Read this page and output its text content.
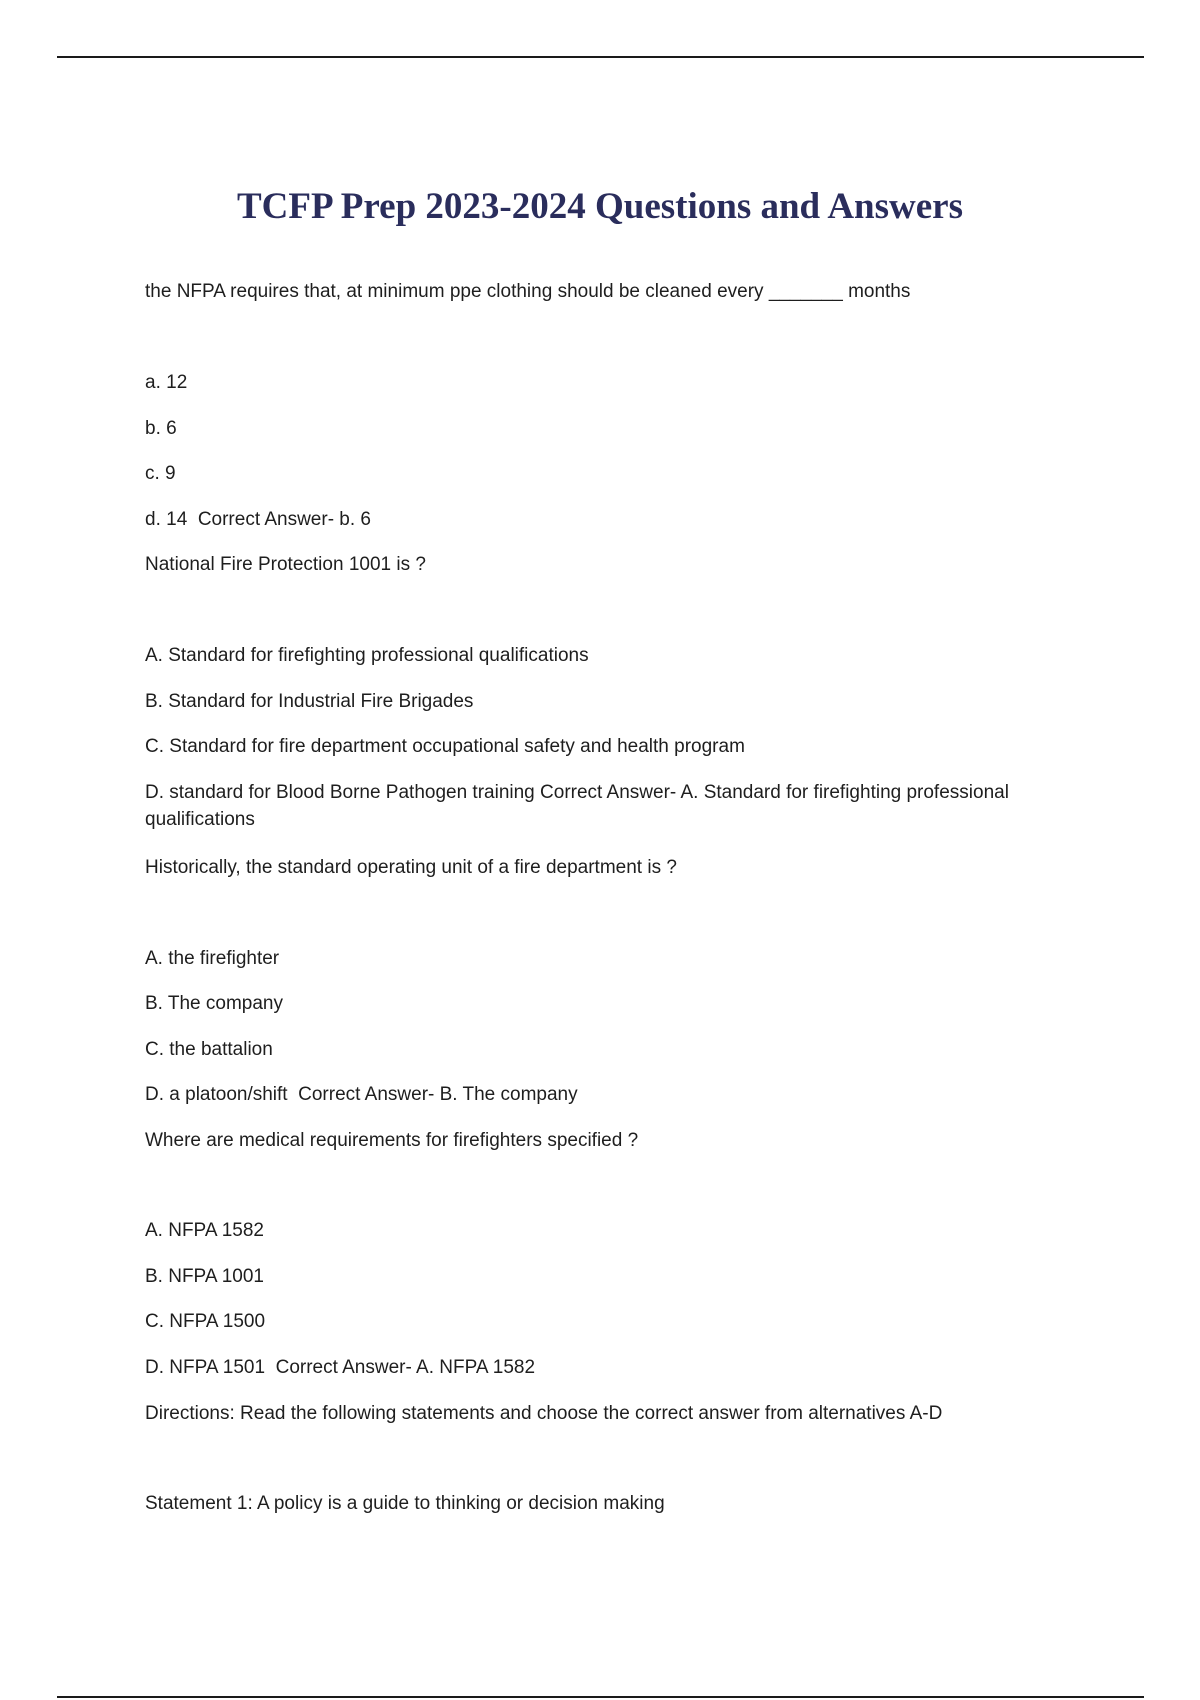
TCFP Prep 2023-2024 Questions and Answers
the NFPA requires that, at minimum ppe clothing should be cleaned every _______ months
a. 12
b. 6
c. 9
d. 14  Correct Answer- b. 6
National Fire Protection 1001 is ?
A. Standard for firefighting professional qualifications
B. Standard for Industrial Fire Brigades
C. Standard for fire department occupational safety and health program
D. standard for Blood Borne Pathogen training Correct Answer- A. Standard for firefighting professional qualifications
Historically, the standard operating unit of a fire department is ?
A. the firefighter
B. The company
C. the battalion
D. a platoon/shift  Correct Answer- B. The company
Where are medical requirements for firefighters specified ?
A. NFPA 1582
B. NFPA 1001
C. NFPA 1500
D. NFPA 1501  Correct Answer- A. NFPA 1582
Directions: Read the following statements and choose the correct answer from alternatives A-D
Statement 1: A policy is a guide to thinking or decision making
